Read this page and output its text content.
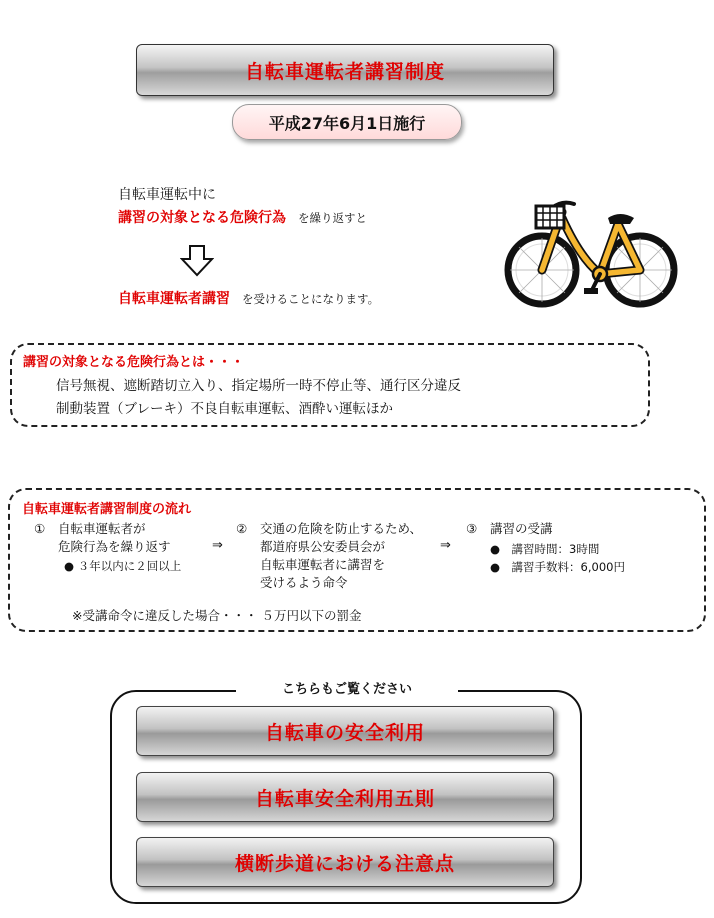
自転車運転者講習制度
平成27年6月1日施行
自転車運転中に
講習の対象となる危険行為 を繰り返すと
自転車運転者講習 を受けることになります。
講習の対象となる危険行為とは・・・
信号無視、遮断踏切立入り、指定場所一時不停止等、通行区分違反
制動装置（ブレーキ）不良自転車運転、酒酔い運転ほか
自転車運転者講習制度の流れ
① 自転車運転者が
危険行為を繰り返す
● ３年以内に２回以上
⇒
② 交通の危険を防止するため、
都道府県公安委員会が
自転車運転者に講習を
受けるよう命令
⇒
③ 講習の受講
●　講習時間：3時間
●　講習手数料：6,000円
※受講命令に違反した場合・・・ ５万円以下の罰金
こちらもご覧ください
自転車の安全利用
自転車安全利用五則
横断歩道における注意点
